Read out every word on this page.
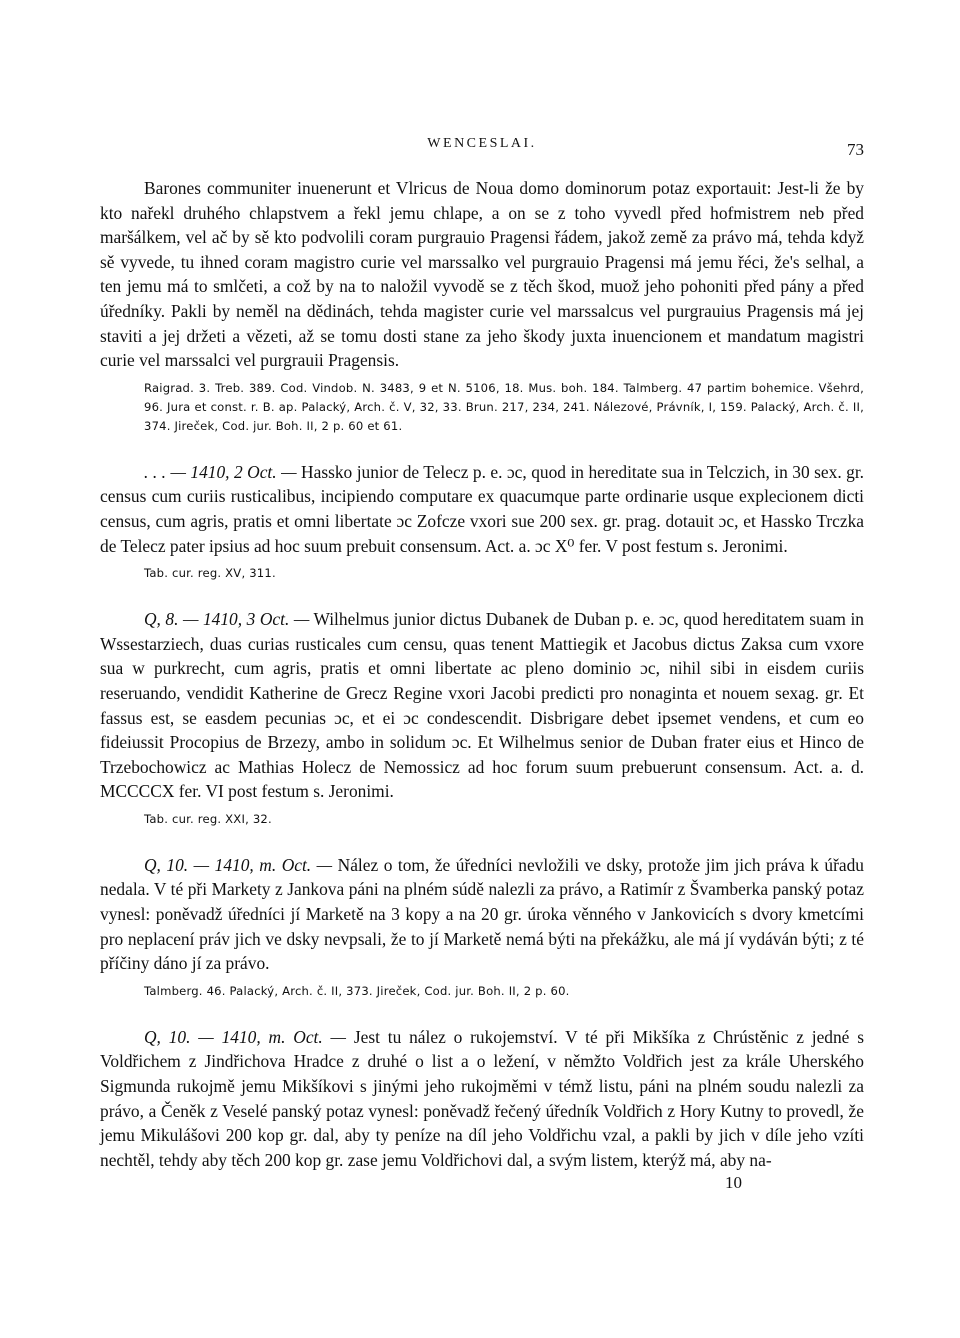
WENCESLAI.	73

Barones communiter inuenerunt et Vlricus de Noua domo dominorum potaz exportauit: Jest-li že by kto nařekl druhého chlapstvem a řekl jemu chlape, a on se z toho vyvedl před hofmistrem neb před maršálkem, vel ač by sě kto podvolili coram purgrauio Pragensi řádem, jakož země za právo má, tehda když sě vyvede, tu ihned coram magistro curie vel marssalko vel purgrauio Pragensi má jemu řéci, že's selhal, a ten jemu má to smlčeti, a což by na to naložil vyvodě se z těch škod, muož jeho pohoniti před pány a před úředníky. Pakli by neměl na dědinách, tehda magister curie vel marssalcus vel purgrauius Pragensis má jej staviti a jej držeti a vězeti, až se tomu dosti stane za jeho škody juxta inuencionem et mandatum magistri curie vel marssalci vel purgrauii Pragensis.

Raigrad. 3. Treb. 389. Cod. Vindob. N. 3483, 9 et N. 5106, 18. Mus. boh. 184. Talmberg. 47 partim bohemice. Všehrd, 96. Jura et const. r. B. ap. Palacký, Arch. č. V, 32, 33. Brun. 217, 234, 241. Nálezové, Právník, I, 159. Palacký, Arch. č. II, 374. Jireček, Cod. jur. Boh. II, 2 p. 60 et 61.

. . . — 1410, 2 Oct. — Hassko junior de Telecz p. e. ɔc, quod in hereditate sua in Telczich, in 30 sex. gr. census cum curiis rusticalibus, incipiendo computare ex quacumque parte ordinarie usque explecionem dicti census, cum agris, pratis et omni libertate ɔc Zofcze vxori sue 200 sex. gr. prag. dotauit ɔc, et Hassko Trczka de Telecz pater ipsius ad hoc suum prebuit consensum. Act. a. ɔc X⁰ fer. V post festum s. Jeronimi.

Tab. cur. reg. XV, 311.

Q, 8. — 1410, 3 Oct. — Wilhelmus junior dictus Dubanek de Duban p. e. ɔc, quod hereditatem suam in Wssestarziech, duas curias rusticales cum censu, quas tenent Mattiegik et Jacobus dictus Zaksa cum vxore sua w purkrecht, cum agris, pratis et omni libertate ac pleno dominio ɔc, nihil sibi in eisdem curiis reseruando, vendidit Katherine de Grecz Regine vxori Jacobi predicti pro nonaginta et nouem sexag. gr. Et fassus est, se easdem pecunias ɔc, et ei ɔc condescendit. Disbrigare debet ipsemet vendens, et cum eo fideiussit Procopius de Brzezy, ambo in solidum ɔc. Et Wilhelmus senior de Duban frater eius et Hinco de Trzebochowicz ac Mathias Holecz de Nemossicz ad hoc forum suum prebuerunt consensum. Act. a. d. MCCCCX fer. VI post festum s. Jeronimi.

Tab. cur. reg. XXI, 32.

Q, 10. — 1410, m. Oct. — Nález o tom, že úředníci nevložili ve dsky, protože jim jich práva k úřadu nedala. V té při Markety z Jankova páni na plném súdě nalezli za právo, a Ratimír z Švamberka panský potaz vynesl: poněvadž úředníci jí Marketě na 3 kopy a na 20 gr. úroka věnného v Jankovicích s dvory kmetcími pro neplacení práv jich ve dsky nevpsali, že to jí Marketě nemá býti na překážku, ale má jí vydáván býti; z té příčiny dáno jí za právo.

Talmberg. 46. Palacký, Arch. č. II, 373. Jireček, Cod. jur. Boh. II, 2 p. 60.

Q, 10. — 1410, m. Oct. — Jest tu nález o rukojemství. V té při Mikšíka z Chrústěnic z jedné s Voldřichem z Jindřichova Hradce z druhé o list a o ležení, v němžto Voldřich jest za krále Uherského Sigmunda rukojmě jemu Mikšíkovi s jinými jeho rukojměmi v témž listu, páni na plném soudu nalezli za právo, a Čeněk z Veselé panský potaz vynesl: poněvadž řečený úředník Voldřich z Hory Kutny to provedl, že jemu Mikulášovi 200 kop gr. dal, aby ty peníze na díl jeho Voldřichu vzal, a pakli by jich v díle jeho vzíti nechtěl, tehdy aby těch 200 kop gr. zase jemu Voldřichovi dal, a svým listem, kterýž má, aby na-

10
